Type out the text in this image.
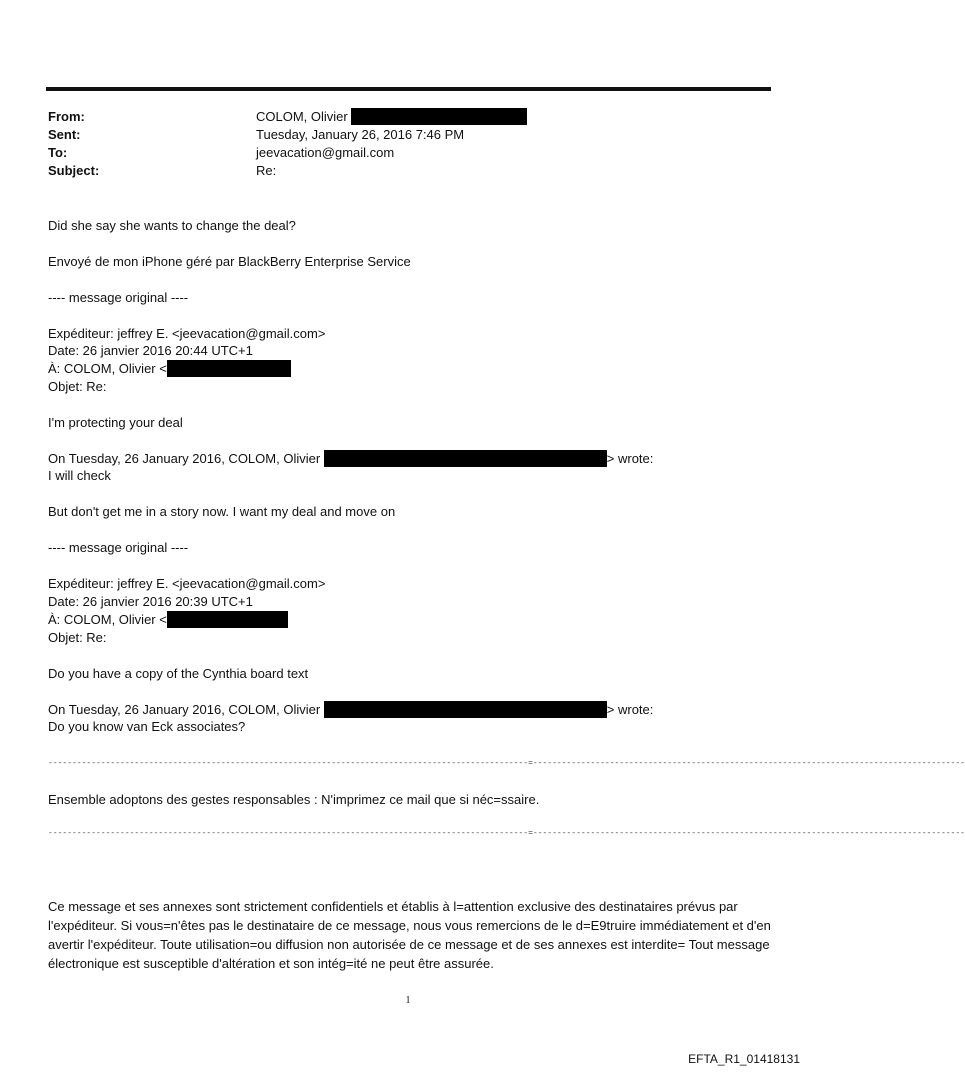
From:	COLOM, Olivier
Sent:	Tuesday, January 26, 2016 7:46 PM
To:	jeevacation@gmail.com
Subject:	Re:
Did she say she wants to change the deal?
Envoyé de mon iPhone géré par BlackBerry Enterprise Service
---- message original ----
Expéditeur: jeffrey E. <jeevacation@gmail.com>
Date: 26 janvier 2016 20:44 UTC+1
À: COLOM, Olivier <
Objet: Re:
I'm protecting your deal
On Tuesday, 26 January 2016, COLOM, Olivier	> wrote:
I will check
But don't get me in a story now. I want my deal and move on
---- message original ----
Expéditeur: jeffrey E. <jeevacation@gmail.com>
Date: 26 janvier 2016 20:39 UTC+1
À: COLOM, Olivier <
Objet: Re:
Do you have a copy of the Cynthia board text
On Tuesday, 26 January 2016, COLOM, Olivier	> wrote:
Do you know van Eck associates?
----------------------------------------------------------------------------------------------------=------------------------------------------------------------------------------------------
Ensemble adoptons des gestes responsables : N'imprimez ce mail que si néc=ssaire.
----------------------------------------------------------------------------------------------------=------------------------------------------------------------------------------------------
Ce message et ses annexes sont strictement confidentiels et établis à l=attention exclusive des destinataires prévus par l'expéditeur. Si vous=n'êtes pas le destinataire de ce message, nous vous remercions de le d=E9truire immédiatement et d'en avertir l'expéditeur. Toute utilisation=ou diffusion non autorisée de ce message et de ses annexes est interdite= Tout message électronique est susceptible d'altération et son intég=ité ne peut être assurée.
1
EFTA_R1_01418131
